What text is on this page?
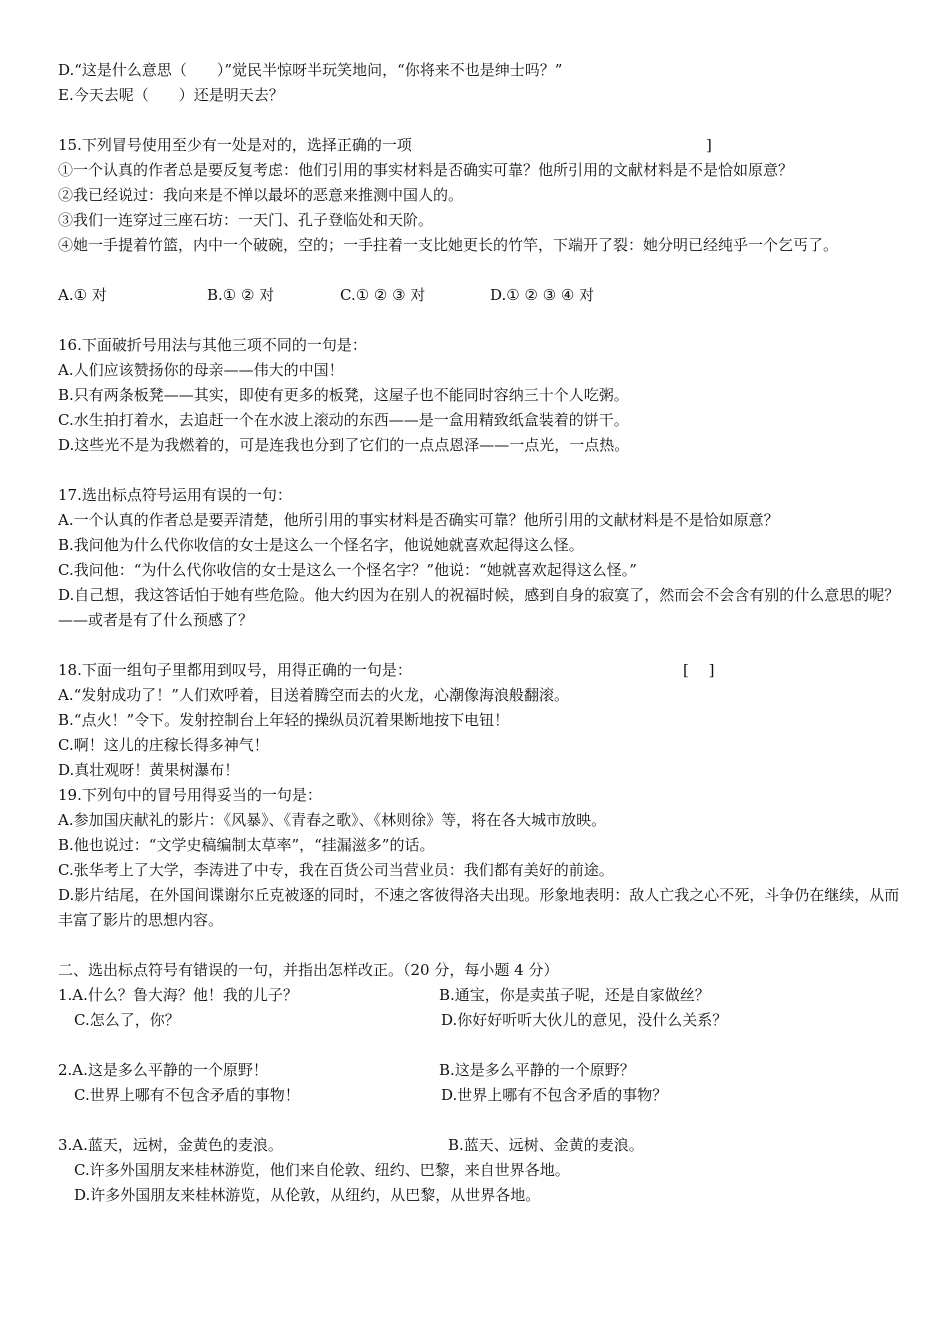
D.“这是什么意思（　　）”觉民半惊呀半玩笑地问，“你将来不也是绅士吗？”
E.今天去呢（　　）还是明天去？
15.下列冒号使用至少有一处是对的，选择正确的一项	]
①一个认真的作者总是要反复考虑：他们引用的事实材料是否确实可靠？他所引用的文献材料是不是恰如原意？
②我已经说过：我向来是不惮以最坏的恶意来推测中国人的。
③我们一连穿过三座石坊：一天门、孔子登临处和天阶。
④她一手提着竹篮，内中一个破碗，空的；一手拄着一支比她更长的竹竿，下端开了裂：她分明已经纯乎一个乞丐了。
A.① 对	B.① ② 对	C.① ② ③ 对	D.① ② ③ ④ 对
16.下面破折号用法与其他三项不同的一句是：
A.人们应该赞扬你的母亲——伟大的中国！
B.只有两条板凳——其实，即使有更多的板凳，这屋子也不能同时容纳三十个人吃粥。
C.水生拍打着水，去追赶一个在水波上滚动的东西——是一盒用精致纸盒装着的饼干。
D.这些光不是为我燃着的，可是连我也分到了它们的一点点恩泽——一点光，一点热。
17.选出标点符号运用有误的一句：
A.一个认真的作者总是要弄清楚，他所引用的事实材料是否确实可靠？他所引用的文献材料是不是恰如原意？
B.我问他为什么代你收信的女士是这么一个怪名字，他说她就喜欢起得这么怪。
C.我问他：“为什么代你收信的女士是这么一个怪名字？”他说：“她就喜欢起得这么怪。”
D.自己想，我这答话怕于她有些危险。他大约因为在别人的祝福时候，感到自身的寂寞了，然而会不会含有别的什么意思的呢？——或者是有了什么预感了？
18.下面一组句子里都用到叹号，用得正确的一句是：	[　 ]
A.“发射成功了！”人们欢呼着，目送着腾空而去的火龙，心潮像海浪般翻滚。
B.“点火！”令下。发射控制台上年轻的操纵员沉着果断地按下电钮！
C.啊！这儿的庄稼长得多神气！
D.真壮观呀！黄果树瀑布！
19.下列句中的冒号用得妥当的一句是：
A.参加国庆献礼的影片：《风暴》、《青春之歌》、《林则徐》等，将在各大城市放映。
B.他也说过：“文学史稿编制太草率”，“挂漏滋多”的话。
C.张华考上了大学，李涛进了中专，我在百货公司当营业员：我们都有美好的前途。
D.影片结尾，在外国间谍谢尔丘克被逐的同时，不速之客彼得洛夫出现。形象地表明：敌人亡我之心不死，斗争仍在继续，从而丰富了影片的思想内容。
二、选出标点符号有错误的一句，并指出怎样改正。（20 分，每小题 4 分）
1.A.什么？鲁大海？他！我的儿子？	B.通宝，你是卖茧子呢，还是自家做丝？
C.怎么了，你？	D.你好好听听大伙儿的意见，没什么关系？
2.A.这是多么平静的一个原野！	B.这是多么平静的一个原野？
C.世界上哪有不包含矛盾的事物！	D.世界上哪有不包含矛盾的事物？
3.A.蓝天，远树，金黄色的麦浪。	B.蓝天、远树、金黄的麦浪。
C.许多外国朋友来桂林游览，他们来自伦敦、纽约、巴黎，来自世界各地。
D.许多外国朋友来桂林游览，从伦敦，从纽约，从巴黎，从世界各地。
